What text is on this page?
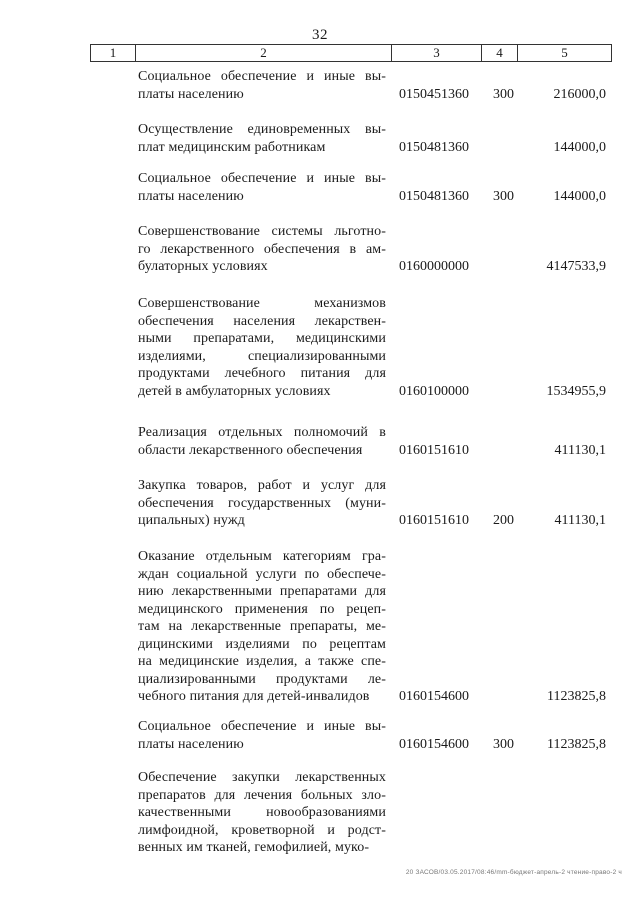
32
1	2	3	4	5
Социальное обеспечение и иные вы-
платы населению	0150451360 300	216000,0
Осуществление единовременных вы-
плат медицинским работникам	0150481360	144000,0
Социальное обеспечение и иные вы-
платы населению	0150481360 300	144000,0
Совершенствование системы льготно-
го лекарственного обеспечения в ам-
булаторных условиях	0160000000	4147533,9
Совершенствование механизмов
обеспечения населения лекарствен-
ными препаратами, медицинскими
изделиями, специализированными
продуктами лечебного питания для
детей в амбулаторных условиях	0160100000	1534955,9
Реализация отдельных полномочий в
области лекарственного обеспечения	0160151610	411130,1
Закупка товаров, работ и услуг для
обеспечения государственных (муни-
ципальных) нужд	0160151610 200	411130,1
Оказание отдельным категориям гра-
ждан социальной услуги по обеспече-
нию лекарственными препаратами для
медицинского применения по рецеп-
там на лекарственные препараты, ме-
дицинскими изделиями по рецептам
на медицинские изделия, а также спе-
циализированными продуктами ле-
чебного питания для детей-инвалидов	0160154600	1123825,8
Социальное обеспечение и иные вы-
платы населению	0160154600 300 1123825,8
Обеспечение закупки лекарственных
препаратов для лечения больных зло-
качественными новообразованиями
лимфоидной, кроветворной и родст-
венных им тканей, гемофилией, муко-
20 ЗАСОВ/03.05.2017/08:46/mm-бюджет-апрель-2 чтение-право-2 ч
